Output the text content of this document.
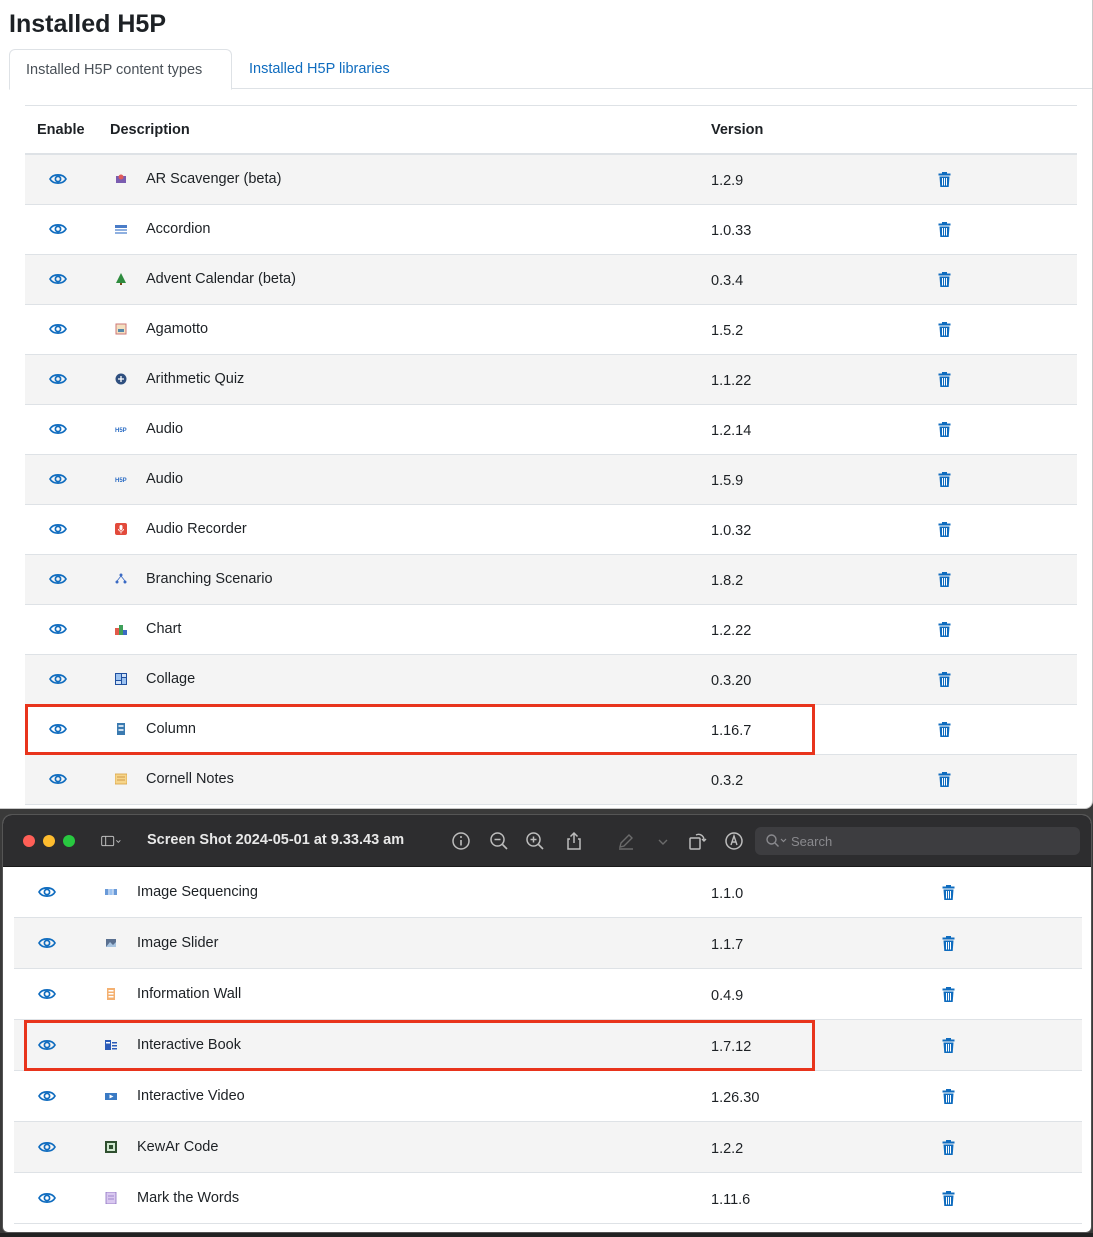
Installed H5P
Installed H5P content types	Installed H5P libraries
Enable Description	Version
AR Scavenger (beta)	1.2.9
Accordion	1.0.33
Advent Calendar (beta)	0.3.4
Agamotto	1.5.2
Arithmetic Quiz	1.1.22
H5P Audio	1.2.14
H5P Audio	1.5.9
Audio Recorder	1.0.32
Branching Scenario	1.8.2
Chart	1.2.22
Collage	0.3.20
Column	1.16.7
Cornell Notes	0.3.2
Screen Shot 2024-05-01 at 9.33.43 am	Search
Image Sequencing	1.1.0
Image Slider	1.1.7
Information Wall	0.4.9
Interactive Book	1.7.12
Interactive Video	1.26.30
KewAr Code	1.2.2
Mark the Words	1.11.6
